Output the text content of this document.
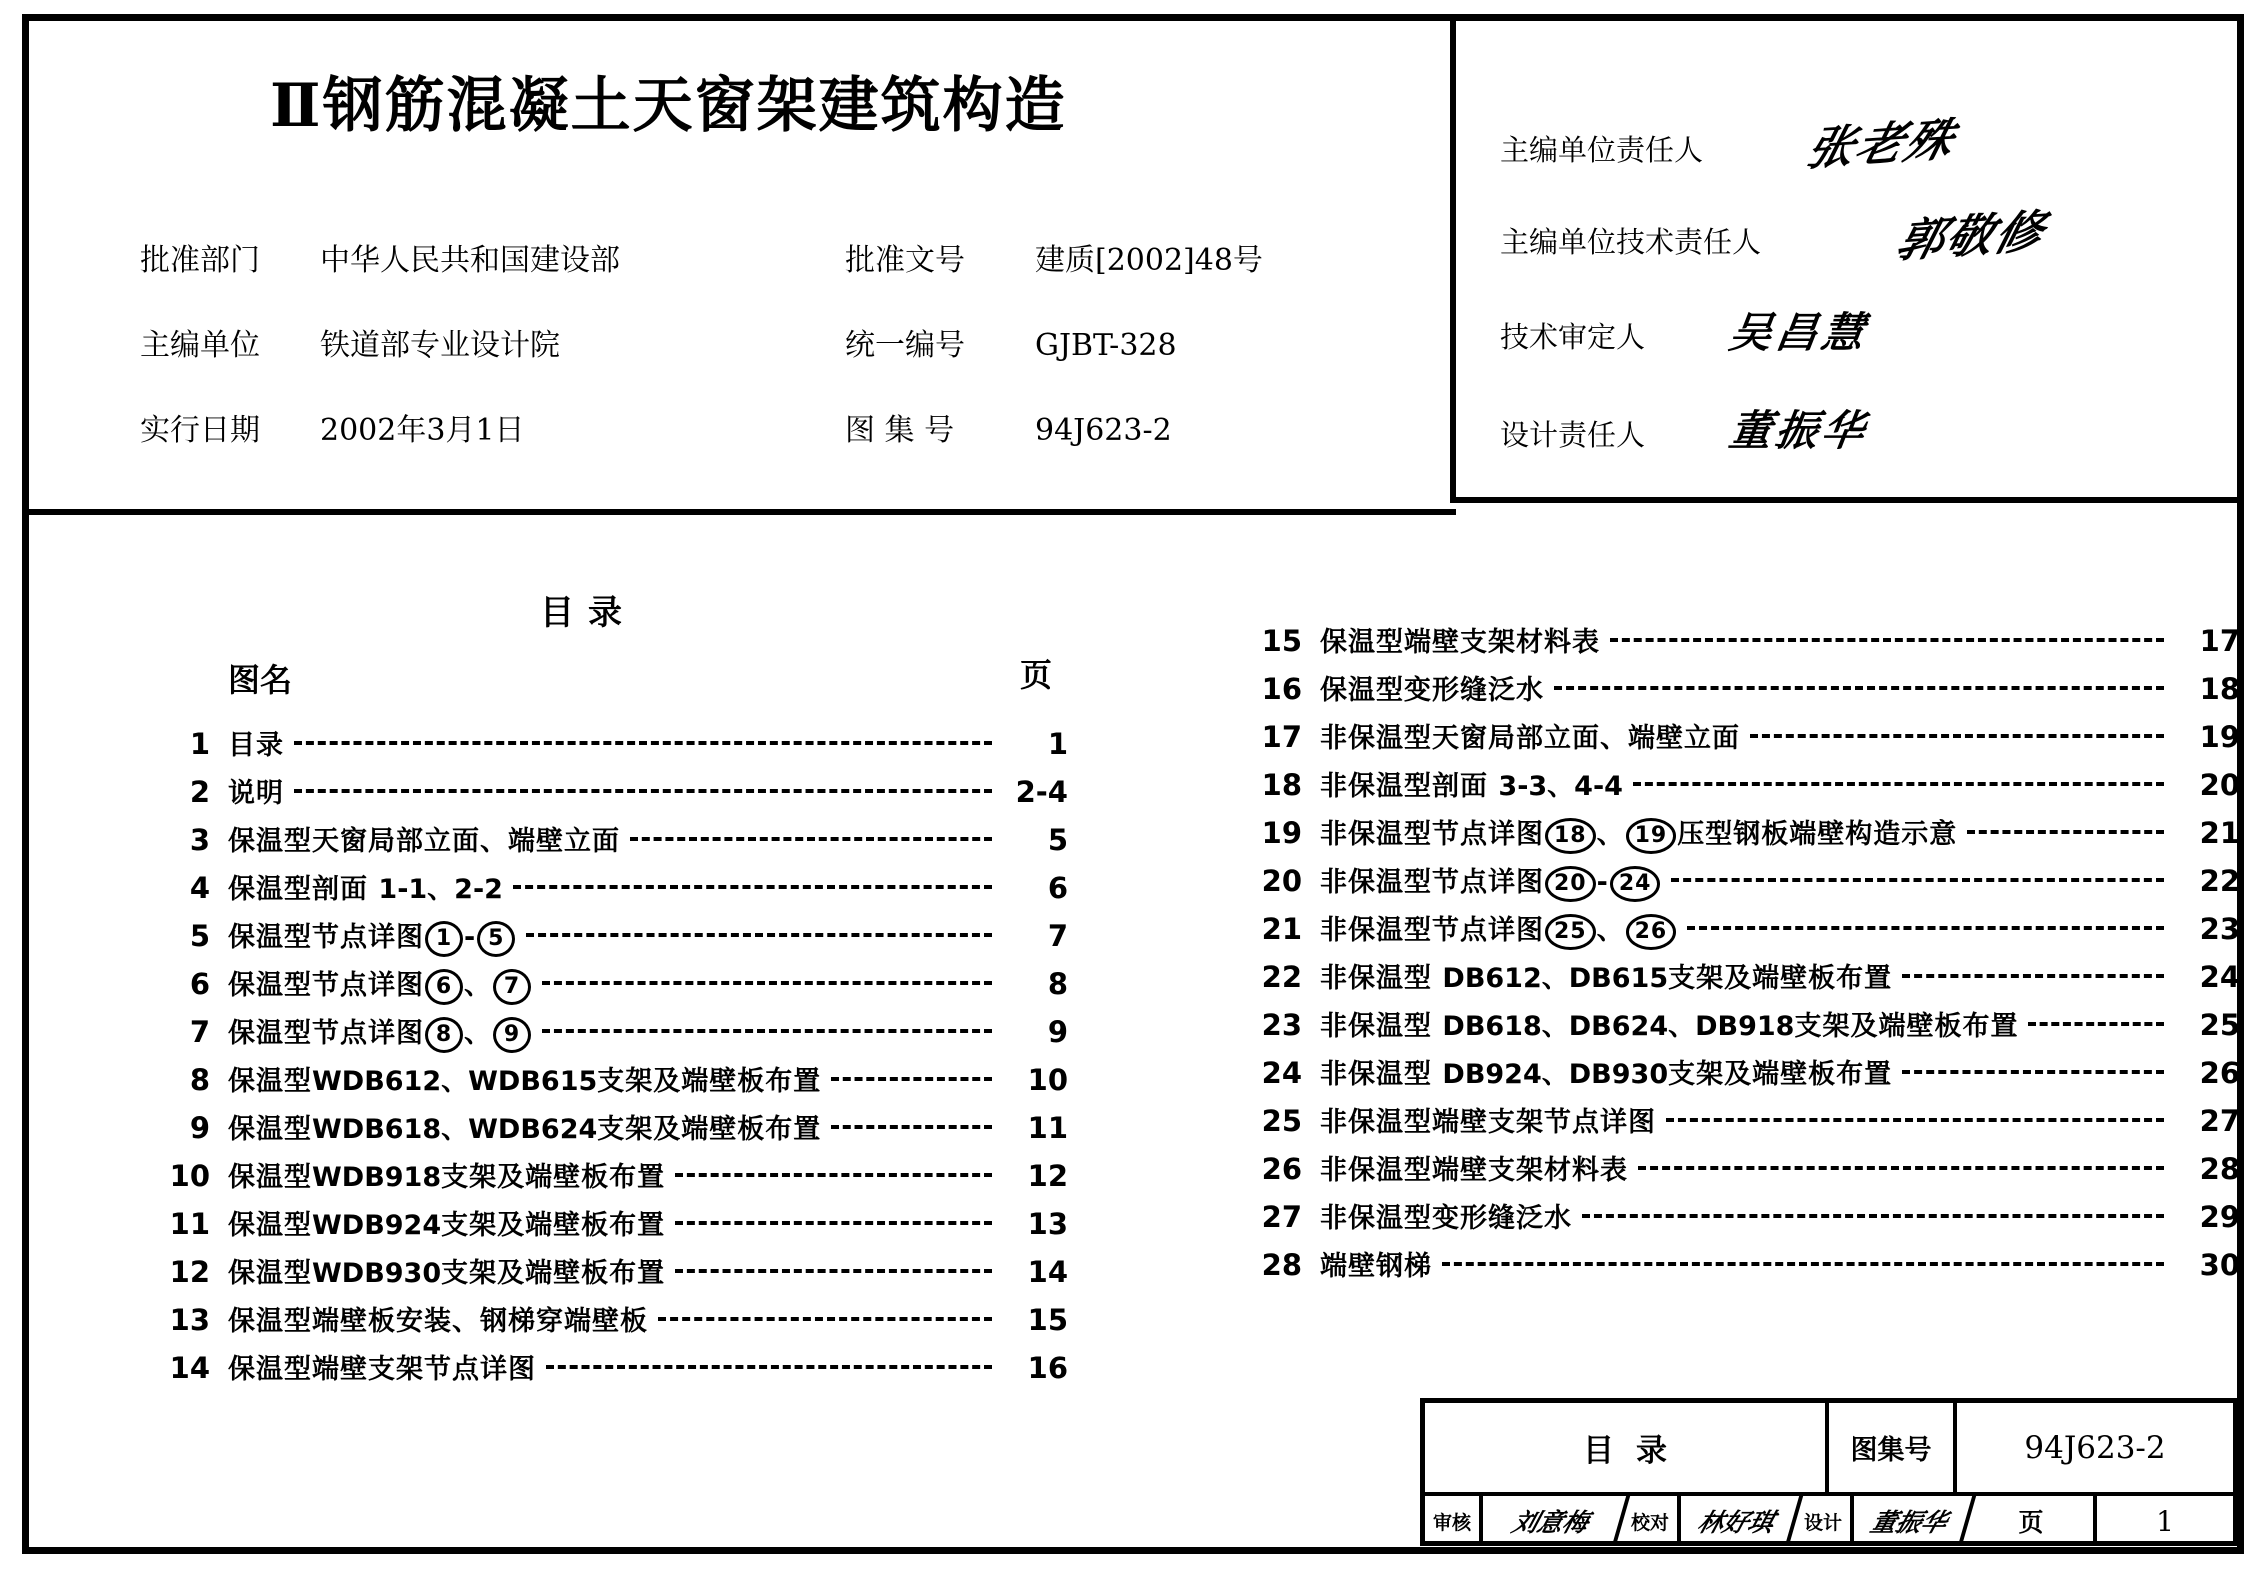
Ⅱ钢筋混凝土天窗架建筑构造
批准部门 中华人民共和国建设部
主编单位 铁道部专业设计院
实行日期 2002年3月1日
批准文号 建质[2002]48号
统一编号 GJBT-328
图 集 号	94J623-2
主编单位责任人 张老殊
主编单位技术责任人	郭敬修
技术审定人 吴昌慧
设计责任人 董振华
目录
图名	页
1 目录	1
2 说明	2-4
3 保温型天窗局部立面、端壁立面	5
4 保温型剖面 1-1、2-2	6
5 保温型节点详图 1 - 5	7
6 保温型节点详图 6 、 7	8
7 保温型节点详图 8 、 9	9
8 保温型WDB612、WDB615支架及端壁板布置	10
9 保温型WDB618、WDB624支架及端壁板布置	11
10 保温型WDB918支架及端壁板布置	12
11 保温型WDB924支架及端壁板布置	13
12 保温型WDB930支架及端壁板布置	14
13 保温型端壁板安装、钢梯穿端壁板	15
14 保温型端壁支架节点详图	16
15 保温型端壁支架材料表	17
16 保温型变形缝泛水	18
17 非保温型天窗局部立面、端壁立面	19
18 非保温型剖面 3-3、4-4	20
19 非保温型节点详图 18 、 19 压型钢板端壁构造示意	21
20 非保温型节点详图 20 - 24	22
21 非保温型节点详图 25 、 26	23
22 非保温型 DB612、DB615支架及端壁板布置	24
23 非保温型 DB618、DB624、DB918支架及端壁板布置	25
24 非保温型 DB924、DB930支架及端壁板布置	26
25 非保温型端壁支架节点详图	27
26 非保温型端壁支架材料表	28
27 非保温型变形缝泛水	29
28 端壁钢梯	30
目录	图集号	94J623-2
审核	刘意梅	校对	林好琪	设计	董振华	页	1
